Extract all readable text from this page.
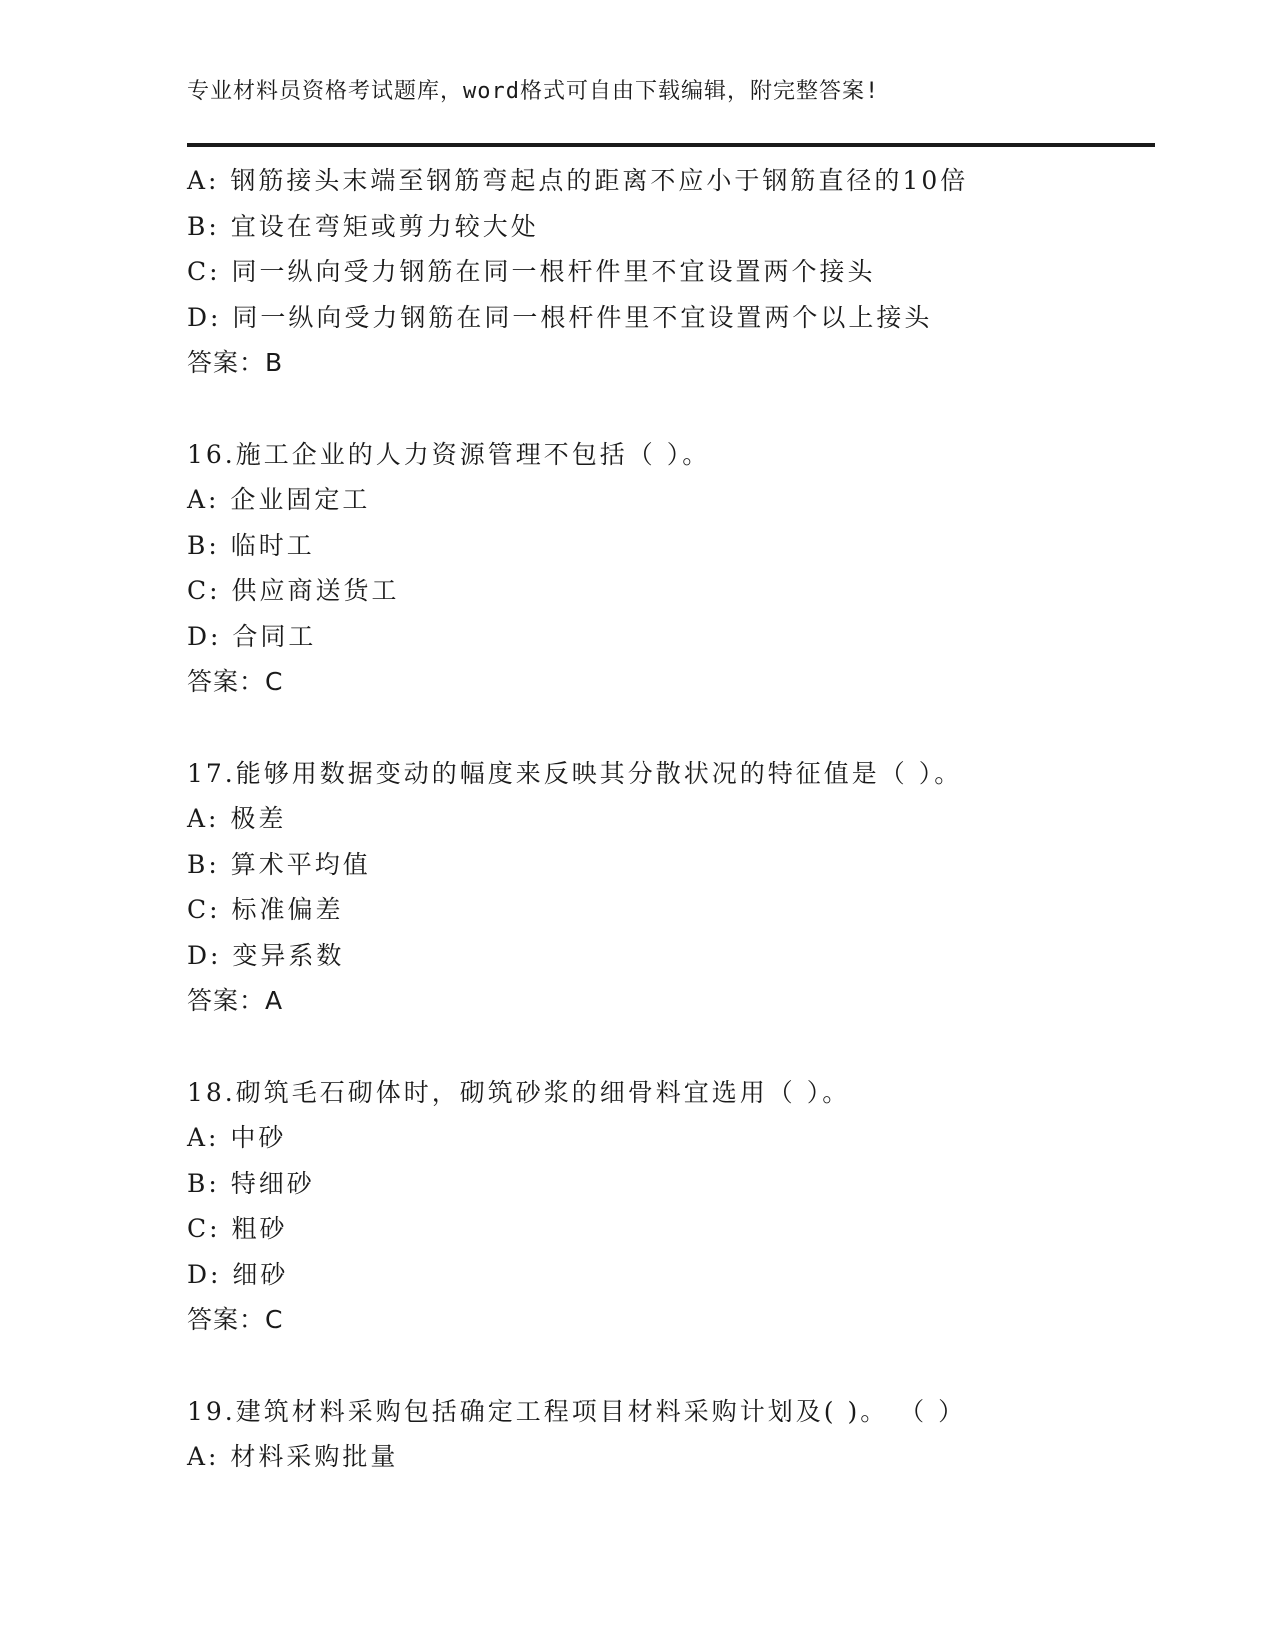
专业材料员资格考试题库，word格式可自由下载编辑，附完整答案!
A: 钢筋接头末端至钢筋弯起点的距离不应小于钢筋直径的10倍
B: 宜设在弯矩或剪力较大处
C: 同一纵向受力钢筋在同一根杆件里不宜设置两个接头
D: 同一纵向受力钢筋在同一根杆件里不宜设置两个以上接头
答案：B
16.施工企业的人力资源管理不包括（ ）。
A: 企业固定工
B: 临时工
C: 供应商送货工
D: 合同工
答案：C
17.能够用数据变动的幅度来反映其分散状况的特征值是（ ）。
A: 极差
B: 算术平均值
C: 标准偏差
D: 变异系数
答案：A
18.砌筑毛石砌体时，砌筑砂浆的细骨料宜选用（ ）。
A: 中砂
B: 特细砂
C: 粗砂
D: 细砂
答案：C
19.建筑材料采购包括确定工程项目材料采购计划及( )。 （ ）
A: 材料采购批量
